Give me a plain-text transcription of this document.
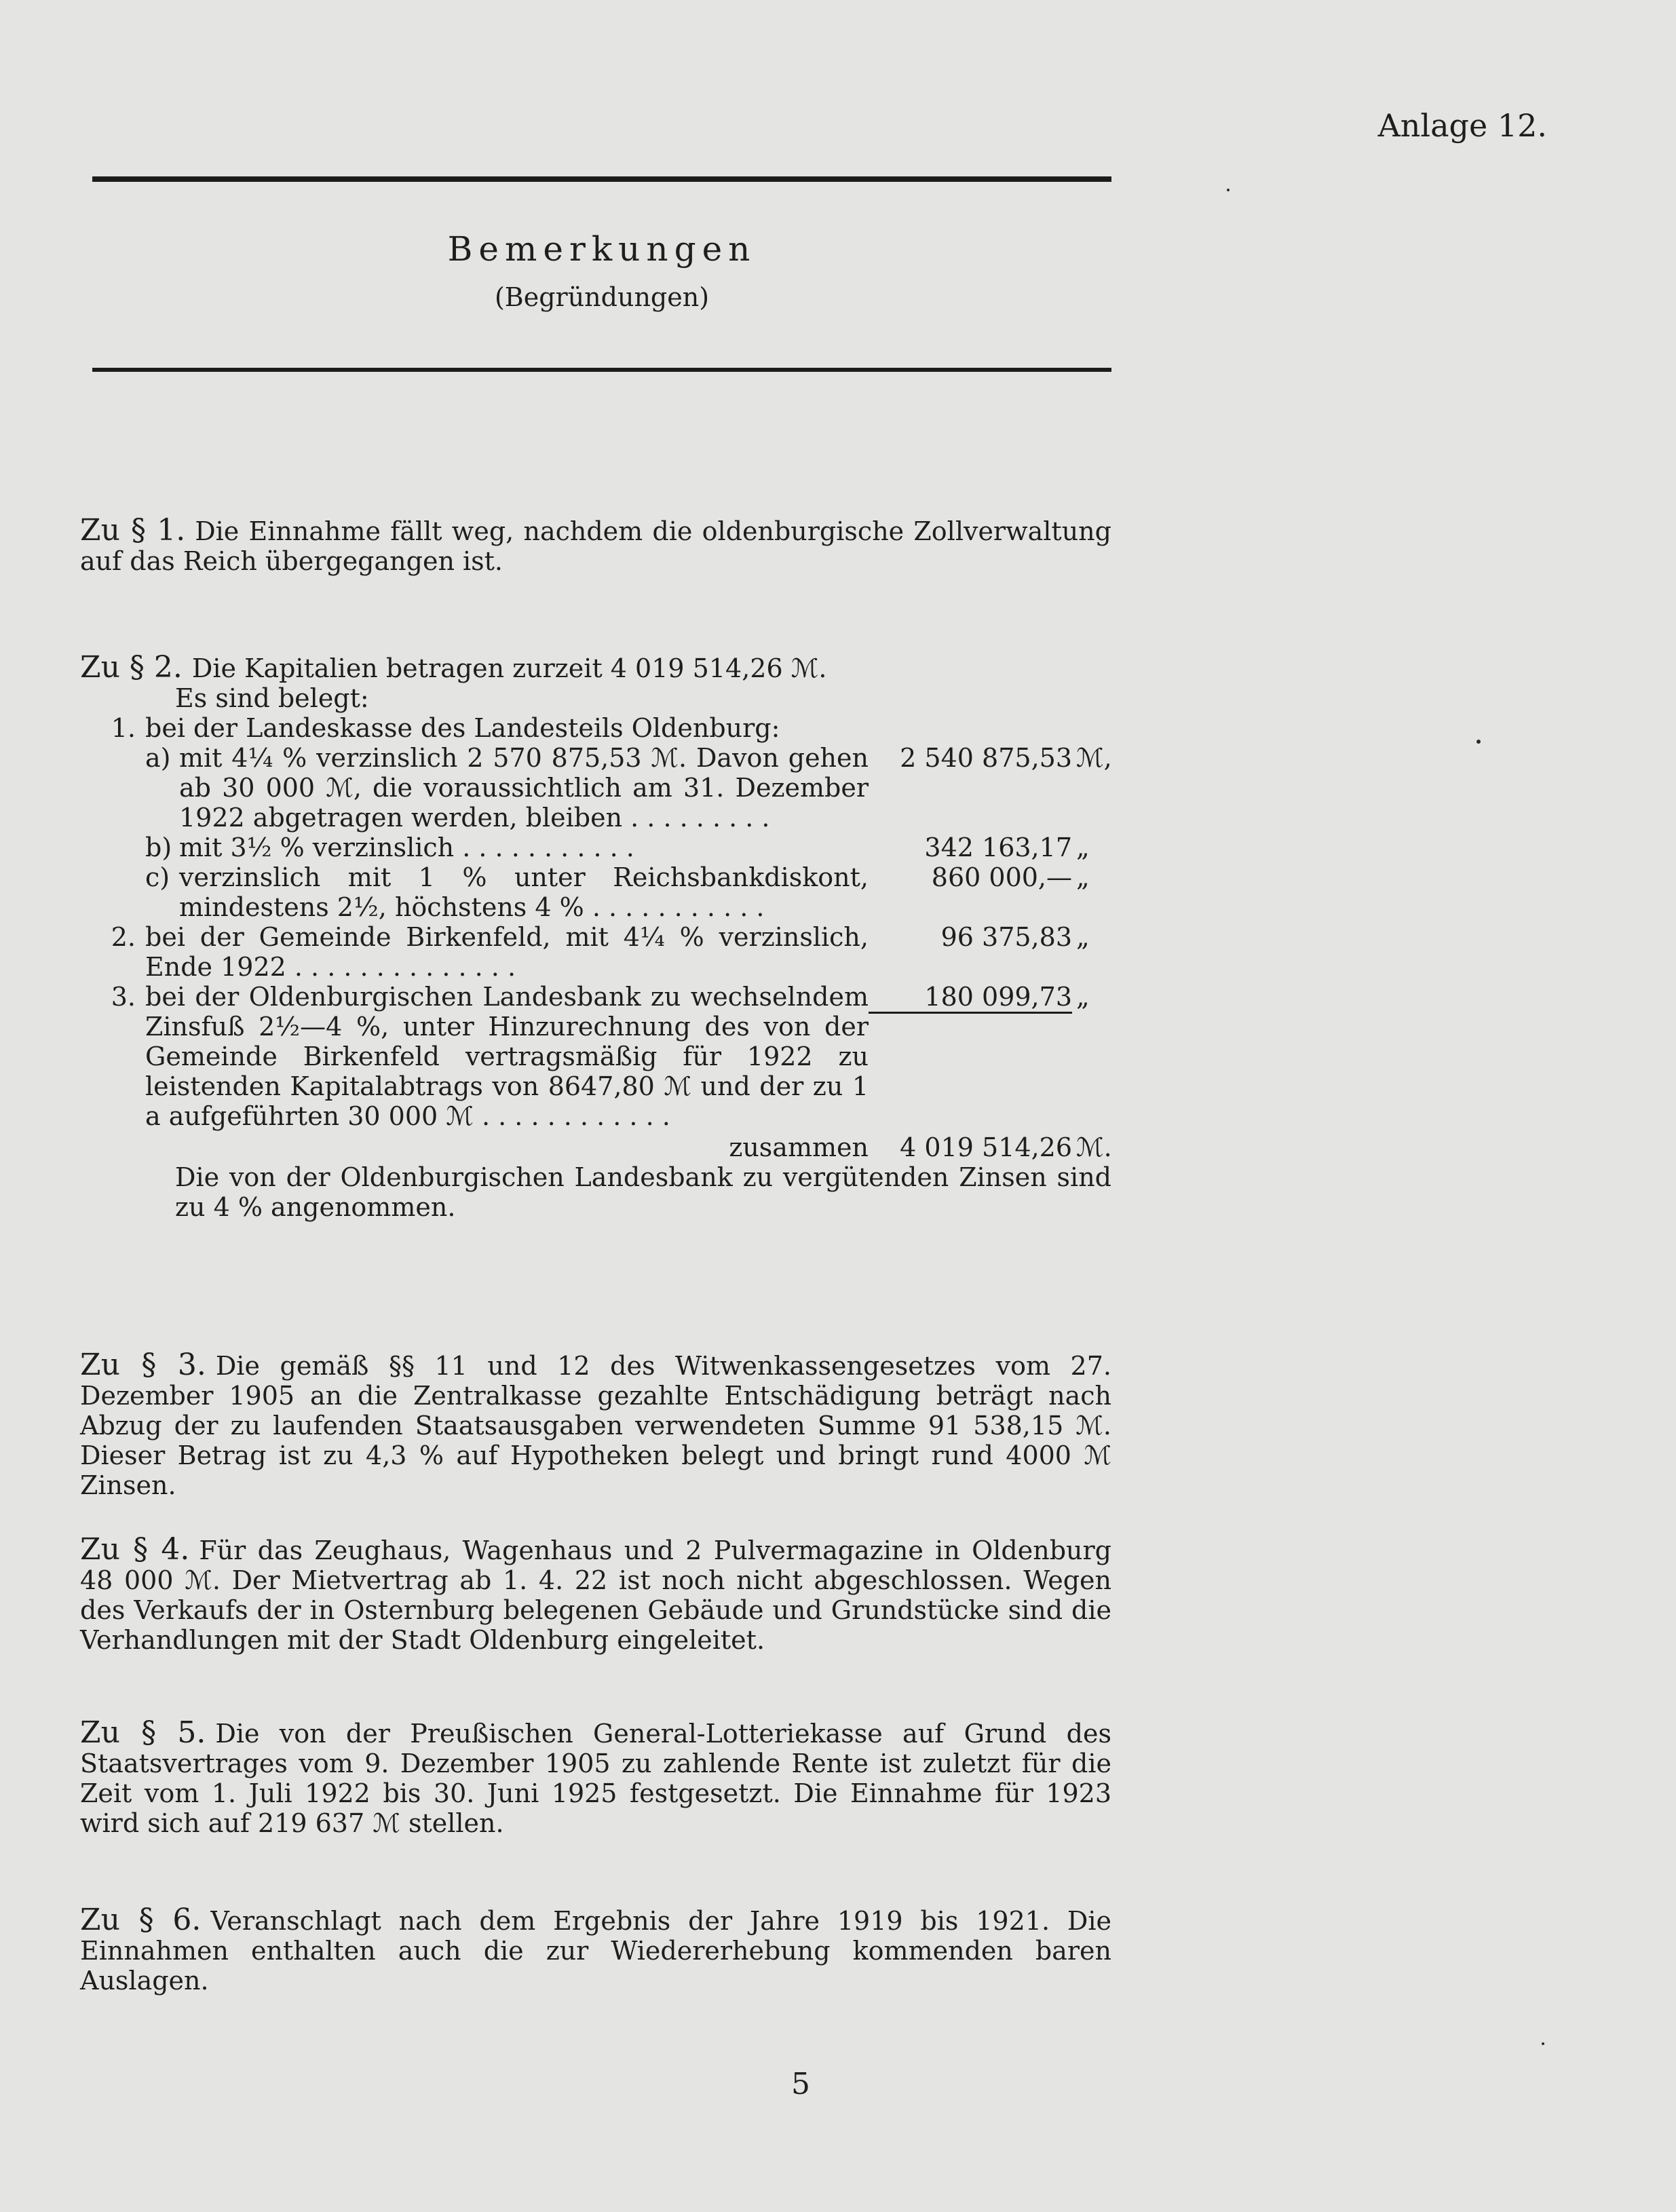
Anlage 12.
Bemerkungen
(Begründungen)

Zu § 1. Die Einnahme fällt weg, nachdem die oldenburgische Zollverwaltung auf das Reich übergegangen ist.

Zu § 2. Die Kapitalien betragen zurzeit 4 019 514,26 ℳ.

Es sind belegt:

1. bei der Landeskasse des Landesteils Oldenburg:
a) mit 4¼ % verzinslich 2 570 875,53 ℳ. Davon gehen ab 30 000 ℳ, die voraussichtlich am 31. Dezember 1922 abgetragen werden, bleiben . . . . . . . . .
2 540 875,53 ℳ,
b) mit 3½ % verzinslich . . . . . . . . . . .	342 163,17 „
c) verzinslich mit 1 % unter Reichsbankdiskont, mindestens 2½, höchstens 4 % . . . . . . . . . . .
860 000,— „
2. bei der Gemeinde Birkenfeld, mit 4¼ % verzinslich, Ende 1922 . . . . . . . . . . . . . .
96 375,83 „
3. bei der Oldenburgischen Landesbank zu wechselndem Zinsfuß 2½—4 %, unter Hinzurechnung des von der Gemeinde Birkenfeld vertragsmäßig für 1922 zu leistenden Kapitalabtrags von 8647,80 ℳ und der zu 1 a aufgeführten 30 000 ℳ . . . . . . . . . . . .
180 099,73 „
zusammen	4 019 514,26 ℳ.

Die von der Oldenburgischen Landesbank zu vergütenden Zinsen sind zu 4 % angenommen.

Zu § 3. Die gemäß §§ 11 und 12 des Witwenkassengesetzes vom 27. Dezember 1905 an die Zentralkasse gezahlte Entschädigung beträgt nach Abzug der zu laufenden Staatsausgaben verwendeten Summe 91 538,15 ℳ. Dieser Betrag ist zu 4,3 % auf Hypotheken belegt und bringt rund 4000 ℳ Zinsen.

Zu § 4. Für das Zeughaus, Wagenhaus und 2 Pulvermagazine in Oldenburg 48 000 ℳ. Der Mietvertrag ab 1. 4. 22 ist noch nicht abgeschlossen. Wegen des Verkaufs der in Osternburg belegenen Gebäude und Grundstücke sind die Verhandlungen mit der Stadt Oldenburg eingeleitet.

Zu § 5. Die von der Preußischen General-Lotteriekasse auf Grund des Staatsvertrages vom 9. Dezember 1905 zu zahlende Rente ist zuletzt für die Zeit vom 1. Juli 1922 bis 30. Juni 1925 festgesetzt. Die Einnahme für 1923 wird sich auf 219 637 ℳ stellen.

Zu § 6. Veranschlagt nach dem Ergebnis der Jahre 1919 bis 1921. Die Einnahmen enthalten auch die zur Wiedererhebung kommenden baren Auslagen.

5
